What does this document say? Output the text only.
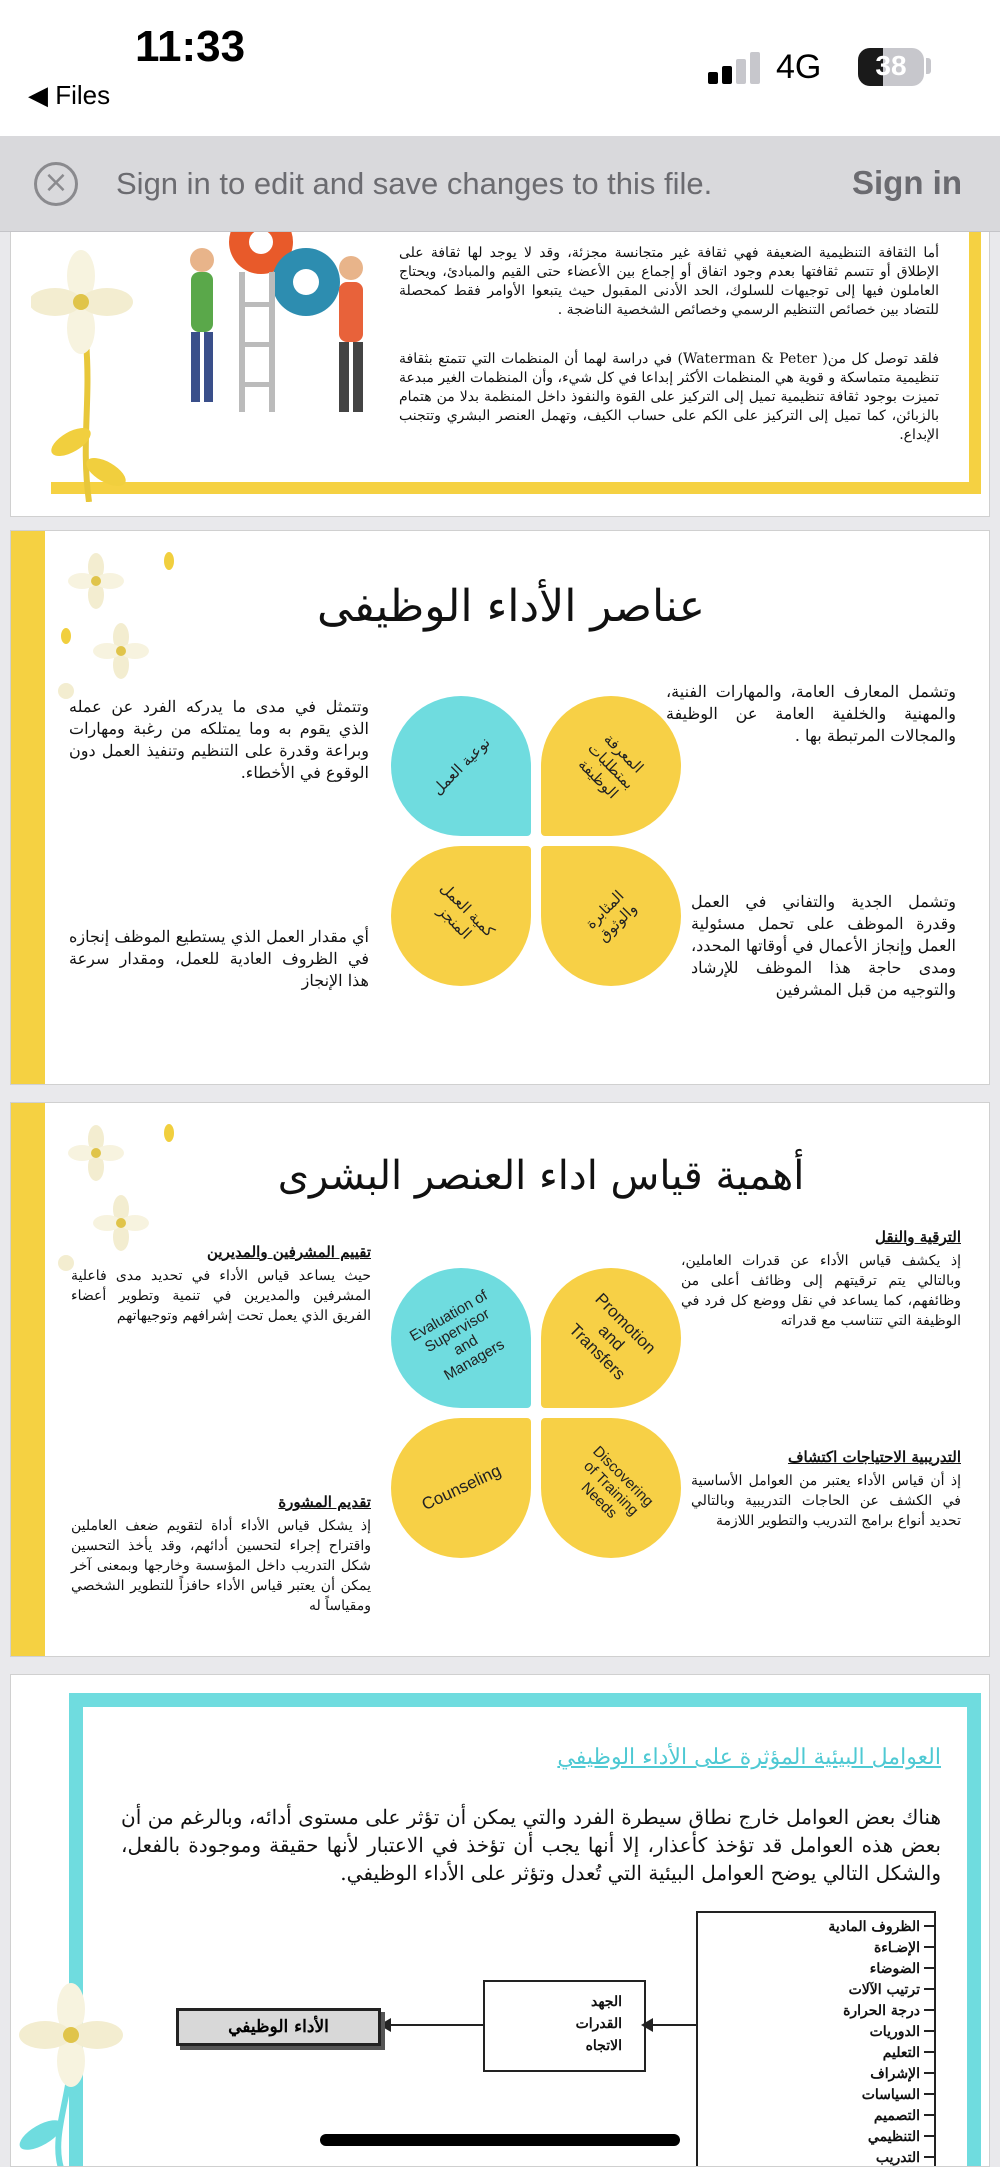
11:33
◀ Files
4G	38
×	Sign in to edit and save changes to this file.	Sign in
أما الثقافة التنظيمية الضعيفة فهي ثقافة غير متجانسة مجزئة، وقد لا يوجد لها ثقافة على الإطلاق أو تتسم ثقافتها بعدم وجود اتفاق أو إجماع بين الأعضاء حتى القيم والمبادئ، ويحتاج العاملون فيها إلى توجيهات للسلوك، الحد الأدنى المقبول حيث يتبعوا الأوامر فقط كمحصلة للتضاد بين خصائص التنظيم الرسمي وخصائص الشخصية الناضجة .
فلقد توصل كل من( Waterman & Peter) في دراسة لهما أن المنظمات التي تتمتع بثقافة تنظيمية متماسكة و قوية هي المنظمات الأكثر إبداعا في كل شيء، وأن المنظمات الغير مبدعة تميزت بوجود ثقافة تنظيمية تميل إلى التركيز على القوة والنفوذ داخل المنظمة بدلا من هتمام بالزبائن، كما تميل إلى التركيز على الكم على حساب الكيف، وتهمل العنصر البشري وتتجنب الإبداع.
عناصر الأداء الوظيفى
المعرفة بمتطلبات الوظيفة
نوعية العمل
كمية العمل المنجز	المثابرة والوثوق
وتشمل المعارف العامة، والمهارات الفنية، والمهنية والخلفية العامة عن الوظيفة والمجالات المرتبطة بها .
وتتمثل في مدى ما يدركه الفرد عن عمله الذي يقوم به وما يمتلكه من رغبة ومهارات وبراعة وقدرة على التنظيم وتنفيذ العمل دون الوقوع في الأخطاء.
وتشمل الجدية والتفاني في العمل وقدرة الموظف على تحمل مسئولية العمل وإنجاز الأعمال في أوقاتها المحدد، ومدى حاجة هذا الموظف للإرشاد والتوجيه من قبل المشرفين
أي مقدار العمل الذي يستطيع الموظف إنجازه في الظروف العادية للعمل، ومقدار سرعة هذا الإنجاز
أهمية قياس اداء العنصر البشرى
Promotion and Transfers
Evaluation of Supervisor and Managers
Counseling	Discovering of Training Needs
الترقية والنقل
إذ يكشف قياس الأداء عن قدرات العاملين، وبالتالي يتم ترقيتهم إلى وظائف أعلى من وظائفهم، كما يساعد في نقل ووضع كل فرد في الوظيفة التي تتناسب مع قدراته
تقييم المشرفين والمديرين
حيث يساعد قياس الأداء في تحديد مدى فاعلية المشرفين والمديرين في تنمية وتطوير أعضاء الفريق الذي يعمل تحت إشرافهم وتوجيهاتهم
التدريبية الاحتياجات اكتشاف
إذ أن قياس الأداء يعتبر من العوامل الأساسية في الكشف عن الحاجات التدريبية وبالتالي تحديد أنواع برامج التدريب والتطوير اللازمة
تقديم المشورة
إذ يشكل قياس الأداء أداة لتقويم ضعف العاملين واقتراح إجراء لتحسين أدائهم، وقد يأخذ التحسين شكل التدريب داخل المؤسسة وخارجها وبمعنى آخر يمكن أن يعتبر قياس الأداء حافزاً للتطوير الشخصي ومقياساً له
العوامل البيئية المؤثرة على الأداء الوظيفي
هناك بعض العوامل خارج نطاق سيطرة الفرد والتي يمكن أن تؤثر على مستوى أدائه، وبالرغم من أن بعض هذه العوامل قد تؤخذ كأعذار، إلا أنها يجب أن تؤخذ في الاعتبار لأنها حقيقة وموجودة بالفعل، والشكل التالي يوضح العوامل البيئية التي تُعدل وتؤثر على الأداء الوظيفي.
الظروف المادية
الإضـاءة
الضوضاء
ترتيب الآلات
درجة الحرارة
الدوريات
التعليم
الإشراف
السياسات
التصميم
التنظيمي
التدريب
الجهد
القدرات
الاتجاه
الأداء الوظيفي
